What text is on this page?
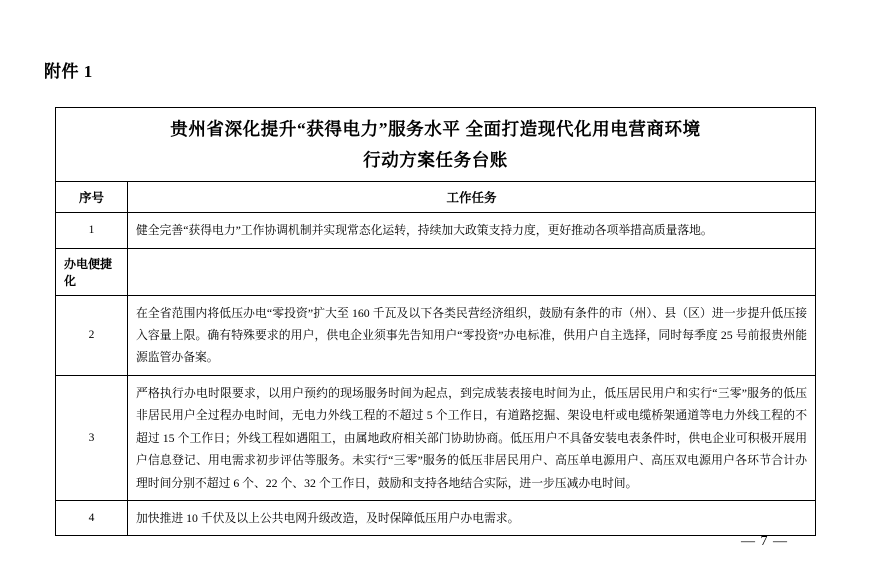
附件 1
贵州省深化提升“获得电力”服务水平 全面打造现代化用电营商环境
行动方案任务台账	

序号	工作任务
1	健全完善“获得电力”工作协调机制并实现常态化运转，持续加大政策支持力度，更好推动各项举措高质量落地。
办电便捷化	
2	在全省范围内将低压办电“零投资”扩大至 160 千瓦及以下各类民营经济组织，鼓励有条件的市（州）、县（区）进一步提升低压接入容量上限。确有特殊要求的用户，供电企业须事先告知用户“零投资”办电标准，供用户自主选择，同时每季度 25 号前报贵州能源监管办备案。
3	严格执行办电时限要求，以用户预约的现场服务时间为起点，到完成装表接电时间为止，低压居民用户和实行“三零”服务的低压非居民用户全过程办电时间，无电力外线工程的不超过 5 个工作日，有道路挖掘、架设电杆或电缆桥架通道等电力外线工程的不超过 15 个工作日；外线工程如遇阻工，由属地政府相关部门协助协商。低压用户不具备安装电表条件时，供电企业可积极开展用户信息登记、用电需求初步评估等服务。未实行“三零”服务的低压非居民用户、高压单电源用户、高压双电源用户各环节合计办理时间分别不超过 6 个、22 个、32 个工作日，鼓励和支持各地结合实际，进一步压减办电时间。
4	加快推进 10 千伏及以上公共电网升级改造，及时保障低压用户办电需求。
— 7 —
